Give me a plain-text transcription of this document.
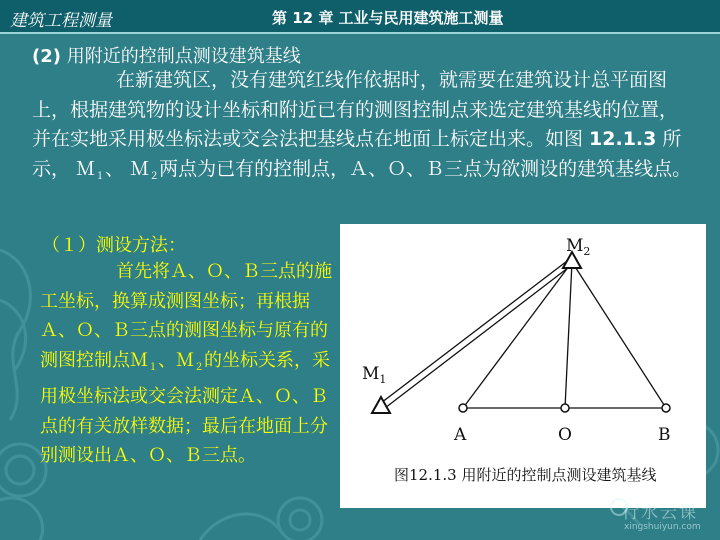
建筑工程测量	第 12 章 工业与民用建筑施工测量
(2) 用附近的控制点测设建筑基线
在新建筑区，没有建筑红线作依据时，就需要在建筑设计总平面图上，根据建筑物的设计坐标和附近已有的测图控制点来选定建筑基线的位置，并在实地采用极坐标法或交会法把基线点在地面上标定出来。如图 12.1.3 所示， Ｍ$_1$、 Ｍ$_2$两点为已有的控制点，Ａ、Ｏ、Ｂ三点为欲测设的建筑基线点。
（１）测设方法：
首先将Ａ、Ｏ、Ｂ三点的施工坐标，换算成测图坐标；再根据Ａ、Ｏ、Ｂ三点的测图坐标与原有的测图控制点Ｍ$_1$、Ｍ$_2$的坐标关系，采用极坐标法或交会法测定Ａ、Ｏ、Ｂ点的有关放样数据；最后在地面上分别测设出Ａ、Ｏ、Ｂ三点。
$M_2$
$M_1$
A	O	B
图12.1.3 用附近的控制点测设建筑基线
行水云课
xingshuiyun.com
